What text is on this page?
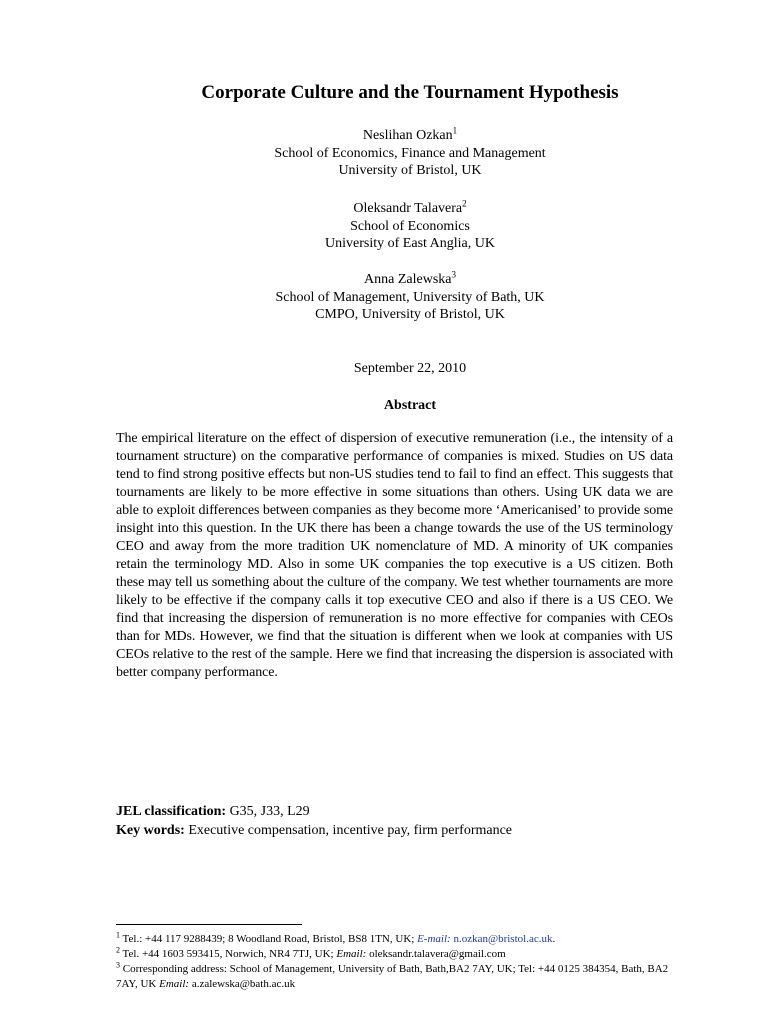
Corporate Culture and the Tournament Hypothesis
Neslihan Ozkan$^1$
School of Economics, Finance and Management
University of Bristol, UK
Oleksandr Talavera$^2$
School of Economics
University of East Anglia, UK
Anna Zalewska$^3$
School of Management, University of Bath, UK
CMPO, University of Bristol, UK
September 22, 2010
Abstract

The empirical literature on the effect of dispersion of executive remuneration (i.e., the intensity of a tournament structure) on the comparative performance of companies is mixed. Studies on US data tend to find strong positive effects but non-US studies tend to fail to find an effect. This suggests that tournaments are likely to be more effective in some situations than others. Using UK data we are able to exploit differences between companies as they become more ‘Americanised’ to provide some insight into this question. In the UK there has been a change towards the use of the US terminology CEO and away from the more tradition UK nomenclature of MD. A minority of UK companies retain the terminology MD. Also in some UK companies the top executive is a US citizen. Both these may tell us something about the culture of the company. We test whether tournaments are more likely to be effective if the company calls it top executive CEO and also if there is a US CEO. We find that increasing the dispersion of remuneration is no more effective for companies with CEOs than for MDs. However, we find that the situation is different when we look at companies with US CEOs relative to the rest of the sample. Here we find that increasing the dispersion is associated with better company performance.

JEL classification: G35, J33, L29
Key words: Executive compensation, incentive pay, firm performance
$^1$ Tel.: +44 117 9288439; 8 Woodland Road, Bristol, BS8 1TN, UK; E-mail: n.ozkan@bristol.ac.uk.
$^2$ Tel. +44 1603 593415, Norwich, NR4 7TJ, UK; Email: oleksandr.talavera@gmail.com
$^3$ Corresponding address: School of Management, University of Bath, Bath,BA2 7AY, UK; Tel: +44 0125 384354, Bath, BA2 7AY, UK Email: a.zalewska@bath.ac.uk
